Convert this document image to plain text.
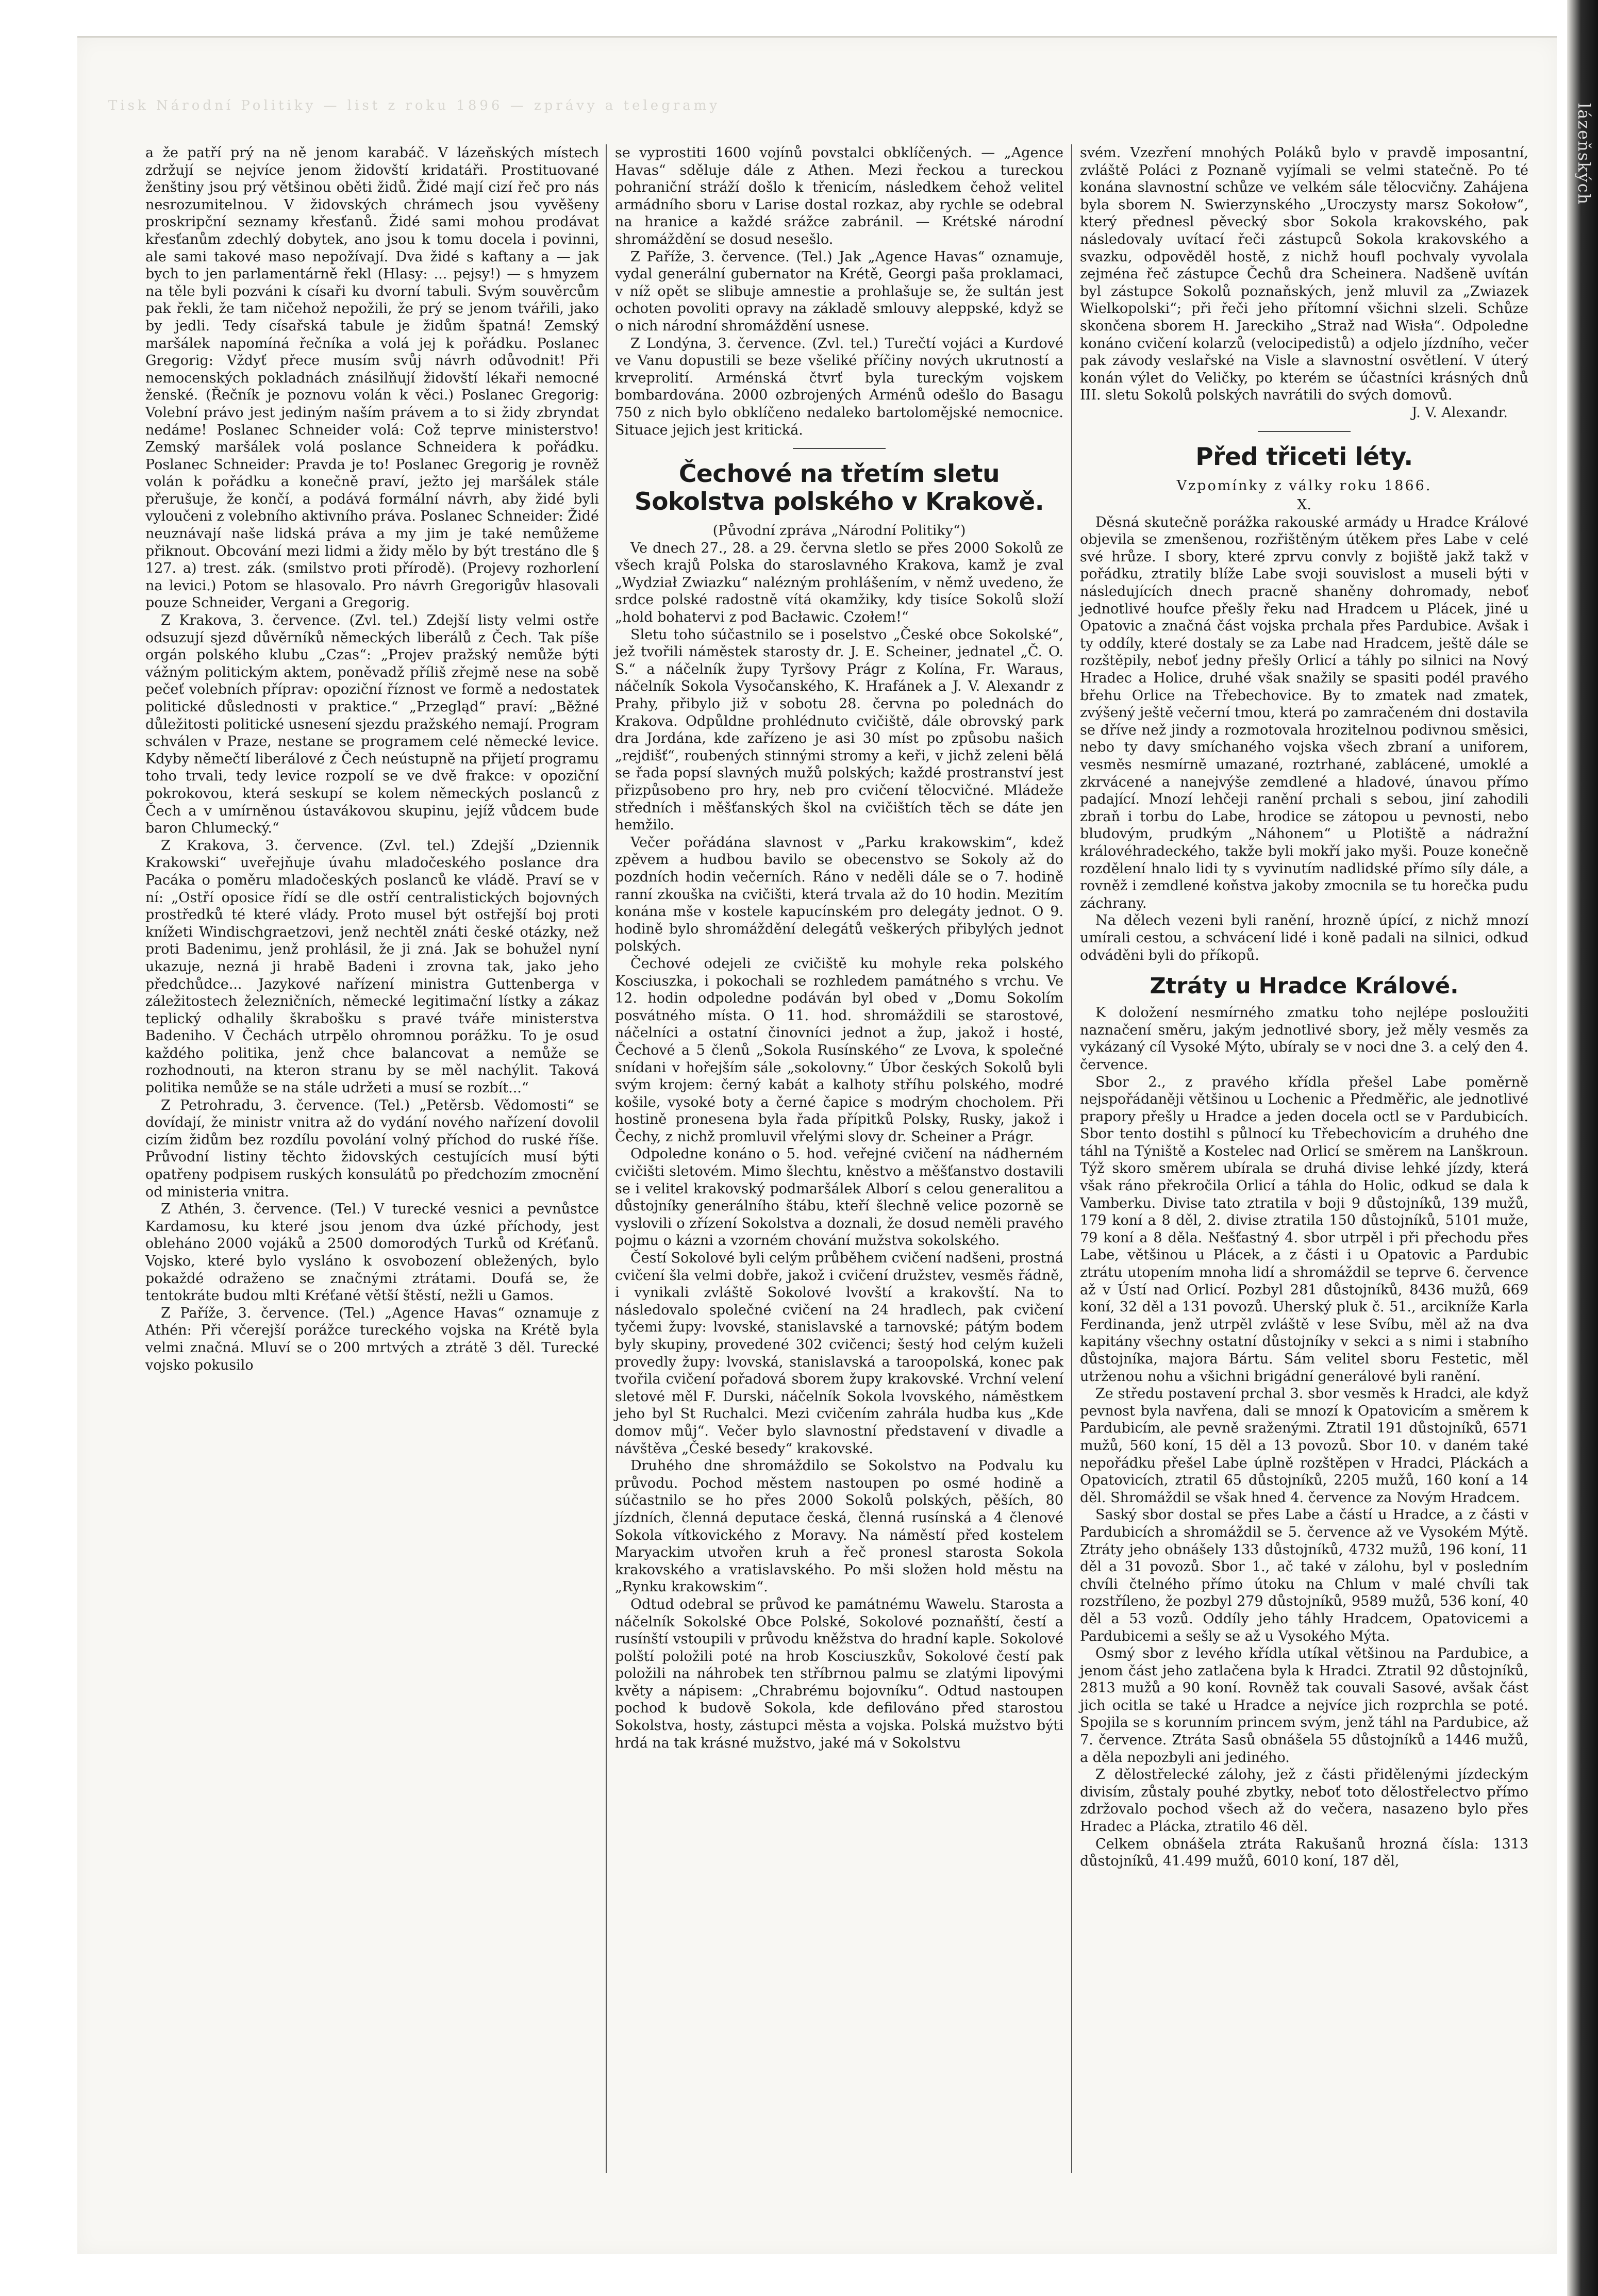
Tisk Národní Politiky — list z roku 1896 — zprávy a telegramy	lázeňských

a že patří prý na ně jenom karabáč. V lázeňských místech zdržují se nejvíce jenom židovští kridatáři. Prostituované ženštiny jsou prý většinou oběti židů. Židé mají cizí řeč pro nás nesrozumitelnou. V židovských chrámech jsou vyvěšeny proskripční seznamy křesťanů. Židé sami mohou prodávat křesťanům zdechlý dobytek, ano jsou k tomu docela i povinni, ale sami takové maso nepožívají. Dva židé s kaftany a — jak bych to jen parlamentárně řekl (Hlasy: ... pejsy!) — s hmyzem na těle byli pozváni k císaři ku dvorní tabuli. Svým souvěrcům pak řekli, že tam ničehož nepožili, že prý se jenom tvářili, jako by jedli. Tedy císařská tabule je židům špatná! Zemský maršálek napomíná řečníka a volá jej k pořádku. Poslanec Gregorig: Vždyť přece musím svůj návrh odůvodnit! Při nemocenských pokladnách znásilňují židovští lékaři nemocné ženské. (Řečník je poznovu volán k věci.) Poslanec Gregorig: Volební právo jest jediným naším právem a to si židy zbryndat nedáme! Poslanec Schneider volá: Což teprve ministerstvo! Zemský maršálek volá poslance Schneidera k pořádku. Poslanec Schneider: Pravda je to! Poslanec Gregorig je rovněž volán k pořádku a konečně praví, ježto jej maršálek stále přerušuje, že končí, a podává formální návrh, aby židé byli vyloučeni z volebního aktivního práva. Poslanec Schneider: Židé neuznávají naše lidská práva a my jim je také nemůžeme přiknout. Obcování mezi lidmi a židy mělo by být trestáno dle § 127. a) trest. zák. (smilstvo proti přírodě). (Projevy rozhorlení na levici.) Potom se hlasovalo. Pro návrh Gregorigův hlasovali pouze Schneider, Vergani a Gregorig.

Z Krakova, 3. července. (Zvl. tel.) Zdejší listy velmi ostře odsuzují sjezd důvěrníků německých liberálů z Čech. Tak píše orgán polského klubu „Czas“: „Projev pražský nemůže býti vážným politickým aktem, poněvadž příliš zřejmě nese na sobě pečeť volebních příprav: opoziční říznost ve formě a nedostatek politické důslednosti v praktice.“ „Przegląd“ praví: „Běžné důležitosti politické usnesení sjezdu pražského nemají. Program schválen v Praze, nestane se programem celé německé levice. Kdyby němečtí liberálové z Čech neústupně na přijetí programu toho trvali, tedy levice rozpolí se ve dvě frakce: v opoziční pokrokovou, která seskupí se kolem německých poslanců z Čech a v umírněnou ústavákovou skupinu, jejíž vůdcem bude baron Chlumecký.“

Z Krakova, 3. července. (Zvl. tel.) Zdejší „Dziennik Krakowski“ uveřejňuje úvahu mladočeského poslance dra Pacáka o poměru mladočeských poslanců ke vládě. Praví se v ní: „Ostří oposice řídí se dle ostří centralistických bojovných prostředků té které vlády. Proto musel být ostřejší boj proti knížeti Windischgraetzovi, jenž nechtěl znáti české otázky, než proti Badenimu, jenž prohlásil, že ji zná. Jak se bohužel nyní ukazuje, nezná ji hrabě Badeni i zrovna tak, jako jeho předchůdce... Jazykové nařízení ministra Guttenberga v záležitostech železničních, německé legitimační lístky a zákaz teplický odhalily škrabošku s pravé tváře ministerstva Badeniho. V Čechách utrpělo ohromnou porážku. To je osud každého politika, jenž chce balancovat a nemůže se rozhodnouti, na kteron stranu by se měl nachýlit. Taková politika nemůže se na stále udržeti a musí se rozbít...“

Z Petrohradu, 3. července. (Tel.) „Petěrsb. Vědomosti“ se dovídají, že ministr vnitra až do vydání nového nařízení dovolil cizím židům bez rozdílu povolání volný příchod do ruské říše. Průvodní listiny těchto židovských cestujících musí býti opatřeny podpisem ruských konsulátů po předchozím zmocnění od ministeria vnitra.

Z Athén, 3. července. (Tel.) V turecké vesnici a pevnůstce Kardamosu, ku které jsou jenom dva úzké příchody, jest obleháno 2000 vojáků a 2500 domorodých Turků od Kréťanů. Vojsko, které bylo vysláno k osvobození obležených, bylo pokaždé odraženo se značnými ztrátami. Doufá se, že tentokráte budou mlti Kréťané větší štěstí, nežli u Gamos.

Z Paříže, 3. července. (Tel.) „Agence Havas“ oznamuje z Athén: Při včerejší porážce tureckého vojska na Krétě byla velmi značná. Mluví se o 200 mrtvých a ztrátě 3 děl. Turecké vojsko pokusilo

se vyprostiti 1600 vojínů povstalci obklíčených. — „Agence Havas“ sděluje dále z Athen. Mezi řeckou a tureckou pohraniční stráží došlo k třenicím, následkem čehož velitel armádního sboru v Larise dostal rozkaz, aby rychle se odebral na hranice a každé srážce zabránil. — Krétské národní shromáždění se dosud nesešlo.

Z Paříže, 3. července. (Tel.) Jak „Agence Havas“ oznamuje, vydal generální gubernator na Krétě, Georgi paša proklamaci, v níž opět se slibuje amnestie a prohlašuje se, že sultán jest ochoten povoliti opravy na základě smlouvy aleppské, když se o nich národní shromáždění usnese.

Z Londýna, 3. července. (Zvl. tel.) Turečtí vojáci a Kurdové ve Vanu dopustili se beze všeliké příčiny nových ukrutností a krveprolití. Arménská čtvrť byla tureckým vojskem bombardována. 2000 ozbrojených Arménů odešlo do Basagu 750 z nich bylo obklíčeno nedaleko bartolomějské nemocnice. Situace jejich jest kritická.

Čechové na třetím sletu Sokolstva polského v Krakově.
(Původní zpráva „Národní Politiky“)

Ve dnech 27., 28. a 29. června sletlo se přes 2000 Sokolů ze všech krajů Polska do staroslavného Krakova, kamž je zval „Wydział Zwiazku“ nalézným prohlášením, v němž uvedeno, že srdce polské radostně vítá okamžiky, kdy tisíce Sokolů složí „hold bohatervi z pod Bacławic. Czołem!“

Sletu toho súčastnilo se i poselstvo „České obce Sokolské“, jež tvořili náměstek starosty dr. J. E. Scheiner, jednatel „Č. O. S.“ a náčelník župy Tyršovy Prágr z Kolína, Fr. Waraus, náčelník Sokola Vysočanského, K. Hrafánek a J. V. Alexandr z Prahy, přibylo již v sobotu 28. června po polednách do Krakova. Odpůldne prohlédnuto cvičiště, dále obrovský park dra Jordána, kde zařízeno je asi 30 míst po způsobu našich „rejdišť“, roubených stinnými stromy a keři, v jichž zeleni bělá se řada popsí slavných mužů polských; každé prostranství jest přizpůsobeno pro hry, neb pro cvičení tělocvičné. Mládeže středních i měšťanských škol na cvičištích těch se dáte jen hemžilo.

Večer pořádána slavnost v „Parku krakowskim“, kdež zpěvem a hudbou bavilo se obecenstvo se Sokoly až do pozdních hodin večerních. Ráno v neděli dále se o 7. hodině ranní zkouška na cvičišti, která trvala až do 10 hodin. Mezitím konána mše v kostele kapucínském pro delegáty jednot. O 9. hodině bylo shromáždění delegátů veškerých přibylých jednot polských.

Čechové odejeli ze cvičiště ku mohyle reka polského Kosciuszka, i pokochali se rozhledem památného s vrchu. Ve 12. hodin odpoledne podáván byl obed v „Domu Sokolím posvátného místa. O 11. hod. shromáždili se starostové, náčelníci a ostatní činovníci jednot a žup, jakož i hosté, Čechové a 5 členů „Sokola Rusínského“ ze Lvova, k společné snídani v hořejším sále „sokolovny.“ Úbor českých Sokolů byli svým krojem: černý kabát a kalhoty stříhu polského, modré košile, vysoké boty a černé čapice s modrým chocholem. Při hostině pronesena byla řada přípitků Polsky, Rusky, jakož i Čechy, z nichž promluvil vřelými slovy dr. Scheiner a Prágr.

Odpoledne konáno o 5. hod. veřejné cvičení na nádherném cvičišti sletovém. Mimo šlechtu, kněstvo a měšťanstvo dostavili se i velitel krakovský podmaršálek Alborí s celou generalitou a důstojníky generálního štábu, kteří šlechně velice pozorně se vyslovili o zřízení Sokolstva a doznali, že dosud neměli pravého pojmu o kázni a vzorném chování mužstva sokolského.

Čestí Sokolové byli celým průběhem cvičení nadšeni, prostná cvičení šla velmi dobře, jakož i cvičení družstev, vesměs řádně, i vynikali zvláště Sokolové lvovští a krakovští. Na to následovalo společné cvičení na 24 hradlech, pak cvičení tyčemi župy: lvovské, stanislavské a tarnovské; pátým bodem byly skupiny, provedené 302 cvičenci; šestý hod celým kuželi provedly župy: lvovská, stanislavská a taroopolská, konec pak tvořila cvičení pořadová sborem župy krakovské. Vrchní velení sletové měl F. Durski, náčelník Sokola lvovského, náměstkem jeho byl St Ruchalci. Mezi cvičením zahrála hudba kus „Kde domov můj“. Večer bylo slavnostní představení v divadle a návštěva „České besedy“ krakovské.

Druhého dne shromáždilo se Sokolstvo na Podvalu ku průvodu. Pochod městem nastoupen po osmé hodině a súčastnilo se ho přes 2000 Sokolů polských, pěších, 80 jízdních, členná deputace česká, členná rusínská a 4 členové Sokola vítkovického z Moravy. Na náměstí před kostelem Maryackim utvořen kruh a řeč pronesl starosta Sokola krakovského a vratislavského. Po mši složen hold městu na „Rynku krakowskim“.

Odtud odebral se průvod ke památnému Wawelu. Starosta a náčelník Sokolské Obce Polské, Sokolové poznaňští, čestí a rusínští vstoupili v průvodu kněžstva do hradní kaple. Sokolové polští položili poté na hrob Kosciuszkův, Sokolové čestí pak položili na náhrobek ten stříbrnou palmu se zlatými lipovými květy a nápisem: „Chrabrému bojovníku“. Odtud nastoupen pochod k budově Sokola, kde defilováno před starostou Sokolstva, hosty, zástupci města a vojska. Polská mužstvo býti hrdá na tak krásné mužstvo, jaké má v Sokolstvu

svém. Vzezření mnohých Poláků bylo v pravdě imposantní, zvláště Poláci z Poznaně vyjímali se velmi statečně. Po té konána slavnostní schůze ve velkém sále tělocvičny. Zahájena byla sborem N. Swierzynského „Uroczysty marsz Sokołow“, který přednesl pěvecký sbor Sokola krakovského, pak následovaly uvítací řeči zástupců Sokola krakovského a svazku, odpověděl hostě, z nichž houfl pochvaly vyvolala zejména řeč zástupce Čechů dra Scheinera. Nadšeně uvítán byl zástupce Sokolů poznaňských, jenž mluvil za „Zwiazek Wielkopolski“; při řeči jeho přítomní všichni slzeli. Schůze skončena sborem H. Jareckiho „Straž nad Wisła“. Odpoledne konáno cvičení kolarzů (velocipedistů) a odjelo jízdního, večer pak závody veslařské na Visle a slavnostní osvětlení. V úterý konán výlet do Veličky, po kterém se účastníci krásných dnů III. sletu Sokolů polských navrátili do svých domovů.

J. V. Alexandr.
Před třiceti léty.
Vzpomínky z války roku 1866.
X.

Děsná skutečně porážka rakouské armády u Hradce Králové objevila se zmenšenou, rozřištěným útěkem přes Labe v celé své hrůze. I sbory, které zprvu convly z bojiště jakž takž v pořádku, ztratily blíže Labe svoji souvislost a museli býti v následujících dnech pracně shaněny dohromady, neboť jednotlivé houfce přešly řeku nad Hradcem u Plácek, jiné u Opatovic a značná část vojska prchala přes Pardubice. Avšak i ty oddíly, které dostaly se za Labe nad Hradcem, ještě dále se rozštěpily, neboť jedny přešly Orlicí a táhly po silnici na Nový Hradec a Holice, druhé však snažily se spasiti podél pravého břehu Orlice na Třebechovice. By to zmatek nad zmatek, zvýšený ještě večerní tmou, která po zamračeném dni dostavila se dříve než jindy a rozmotovala hrozitelnou podivnou směsici, nebo ty davy smíchaného vojska všech zbraní a uniforem, vesměs nesmírně umazané, roztrhané, zablácené, umoklé a zkrvácené a nanejvýše zemdlené a hladové, únavou přímo padající. Mnozí lehčeji ranění prchali s sebou, jiní zahodili zbraň i torbu do Labe, hrodice se zátopou u pevnosti, nebo bludovým, prudkým „Náhonem“ u Plotiště a nádražní královéhradeckého, takže byli mokří jako myši. Pouze konečně rozdělení hnalo lidi ty s vyvinutím nadlidské přímo síly dále, a rovněž i zemdlené koňstva jakoby zmocnila se tu horečka pudu záchrany.

Na dělech vezeni byli ranění, hrozně úpící, z nichž mnozí umírali cestou, a schvácení lidé i koně padali na silnici, odkud odváděni byli do příkopů.

Ztráty u Hradce Králové.

K doložení nesmírného zmatku toho nejlépe posloužiti naznačení směru, jakým jednotlivé sbory, jež měly vesměs za vykázaný cíl Vysoké Mýto, ubíraly se v noci dne 3. a celý den 4. července.

Sbor 2., z pravého křídla přešel Labe poměrně nejspořádaněji většinou u Lochenic a Předměřic, ale jednotlivé prapory přešly u Hradce a jeden docela octl se v Pardubicích. Sbor tento dostihl s půlnocí ku Třebechovicím a druhého dne táhl na Týniště a Kostelec nad Orlicí se směrem na Lanškroun. Týž skoro směrem ubírala se druhá divise lehké jízdy, která však ráno překročila Orlicí a táhla do Holic, odkud se dala k Vamberku. Divise tato ztratila v boji 9 důstojníků, 139 mužů, 179 koní a 8 děl, 2. divise ztratila 150 důstojníků, 5101 muže, 79 koní a 8 děla. Nešťastný 4. sbor utrpěl i při přechodu přes Labe, většinou u Plácek, a z části i u Opatovic a Pardubic ztrátu utopením mnoha lidí a shromáždil se teprve 6. července až v Ústí nad Orlicí. Pozbyl 281 důstojníků, 8436 mužů, 669 koní, 32 děl a 131 povozů. Uherský pluk č. 51., arcikníže Karla Ferdinanda, jenž utrpěl zvláště v lese Svíbu, měl až na dva kapitány všechny ostatní důstojníky v sekci a s nimi i stabního důstojníka, majora Bártu. Sám velitel sboru Festetic, měl utrženou nohu a všichni brigádní generálové byli ranění.

Ze středu postavení prchal 3. sbor vesměs k Hradci, ale když pevnost byla navřena, dali se mnozí k Opatovicím a směrem k Pardubicím, ale pevně sraženými. Ztratil 191 důstojníků, 6571 mužů, 560 koní, 15 děl a 13 povozů. Sbor 10. v daném také nepořádku přešel Labe úplně rozštěpen v Hradci, Pláckách a Opatovicích, ztratil 65 důstojníků, 2205 mužů, 160 koní a 14 děl. Shromáždil se však hned 4. července za Novým Hradcem.

Saský sbor dostal se přes Labe a částí u Hradce, a z části v Pardubicích a shromáždil se 5. července až ve Vysokém Mýtě. Ztráty jeho obnášely 133 důstojníků, 4732 mužů, 196 koní, 11 děl a 31 povozů. Sbor 1., ač také v zálohu, byl v posledním chvíli čtelného přímo útoku na Chlum v malé chvíli tak rozstříleno, že pozbyl 279 důstojníků, 9589 mužů, 536 koní, 40 děl a 53 vozů. Oddíly jeho táhly Hradcem, Opatovicemi a Pardubicemi a sešly se až u Vysokého Mýta.

Osmý sbor z levého křídla utíkal většinou na Pardubice, a jenom část jeho zatlačena byla k Hradci. Ztratil 92 důstojníků, 2813 mužů a 90 koní. Rovněž tak couvali Sasové, avšak část jich ocitla se také u Hradce a nejvíce jich rozprchla se poté. Spojila se s korunním princem svým, jenž táhl na Pardubice, až 7. července. Ztráta Sasů obnášela 55 důstojníků a 1446 mužů, a děla nepozbyli ani jediného.

Z dělostřelecké zálohy, jež z části přidělenými jízdeckým divisím, zůstaly pouhé zbytky, neboť toto dělostřelectvo přímo zdržovalo pochod všech až do večera, nasazeno bylo přes Hradec a Plácka, ztratilo 46 děl.

Celkem obnášela ztráta Rakušanů hrozná čísla: 1313 důstojníků, 41.499 mužů, 6010 koní, 187 děl,
